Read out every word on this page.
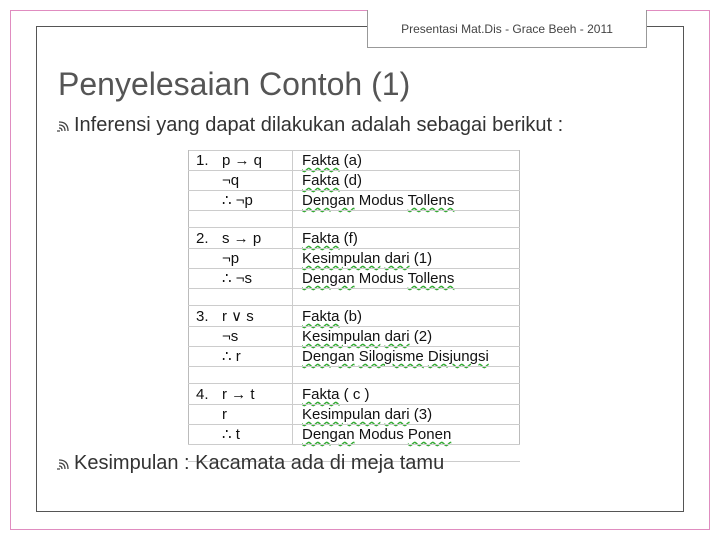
Presentasi Mat.Dis - Grace Beeh - 2011
Penyelesaian Contoh (1)
Inferensi yang dapat dilakukan adalah sebagai berikut :
1. p → q	Fakta (a)
¬q	Fakta (d)
∴ ¬p	Dengan Modus Tollens
2. s → p	Fakta (f)
¬p	Kesimpulan dari (1)
∴ ¬s	Dengan Modus Tollens
3. r ∨ s	Fakta (b)
¬s	Kesimpulan dari (2)
∴ r	Dengan Silogisme Disjungsi
4. r → t	Fakta ( c )
r	Kesimpulan dari (3)
∴ t	Dengan Modus Ponen
Kesimpulan : Kacamata ada di meja tamu
